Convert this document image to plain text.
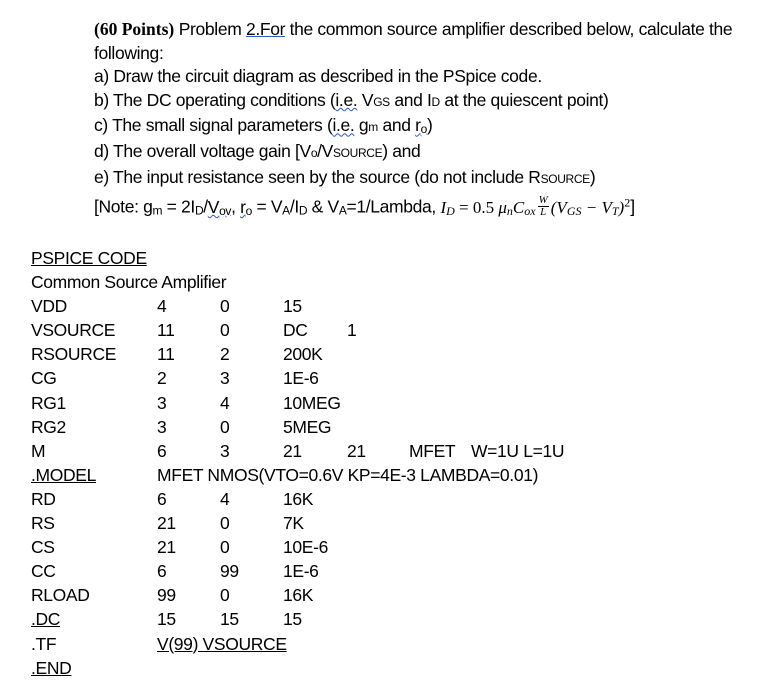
(60 Points) Problem 2.For the common source amplifier described below, calculate the
following:
a) Draw the circuit diagram as described in the PSpice code.
b) The DC operating conditions (i.e. VGS and ID at the quiescent point)
c) The small signal parameters (i.e. gm and $r_o$)
d) The overall voltage gain [Vo/VSOURCE) and
e) The input resistance seen by the source (do not include RSOURCE)
[Note: $g_m = 2I_D/V_{ov}$, $r_o = V_A/I_D$ & $V_A=1$/Lambda, $I_D = 0.5$ $\mu_nC_{ox} \frac{W}{L} (V_{GS} - V_T)^2$]
PSPICE CODE
Common Source Amplifier
VDD	4	0	15
VSOURCE 11	0	DC 1
RSOURCE 11	2	200K
CG	2	3	1E-6
RG1	3	4	10MEG
RG2	3	0	5MEG
M	6	3	21	21 MFET W=1U L=1U
.MODEL	MFET NMOS(VTO=0.6V KP=4E-3 LAMBDA=0.01)
RD	6	4	16K
RS	21	0	7K
CS	21	0	10E-6
CC	6	99	1E-6
RLOAD	99	0	16K
.DC	15	15	15
.TF	V(99) VSOURCE
.END
